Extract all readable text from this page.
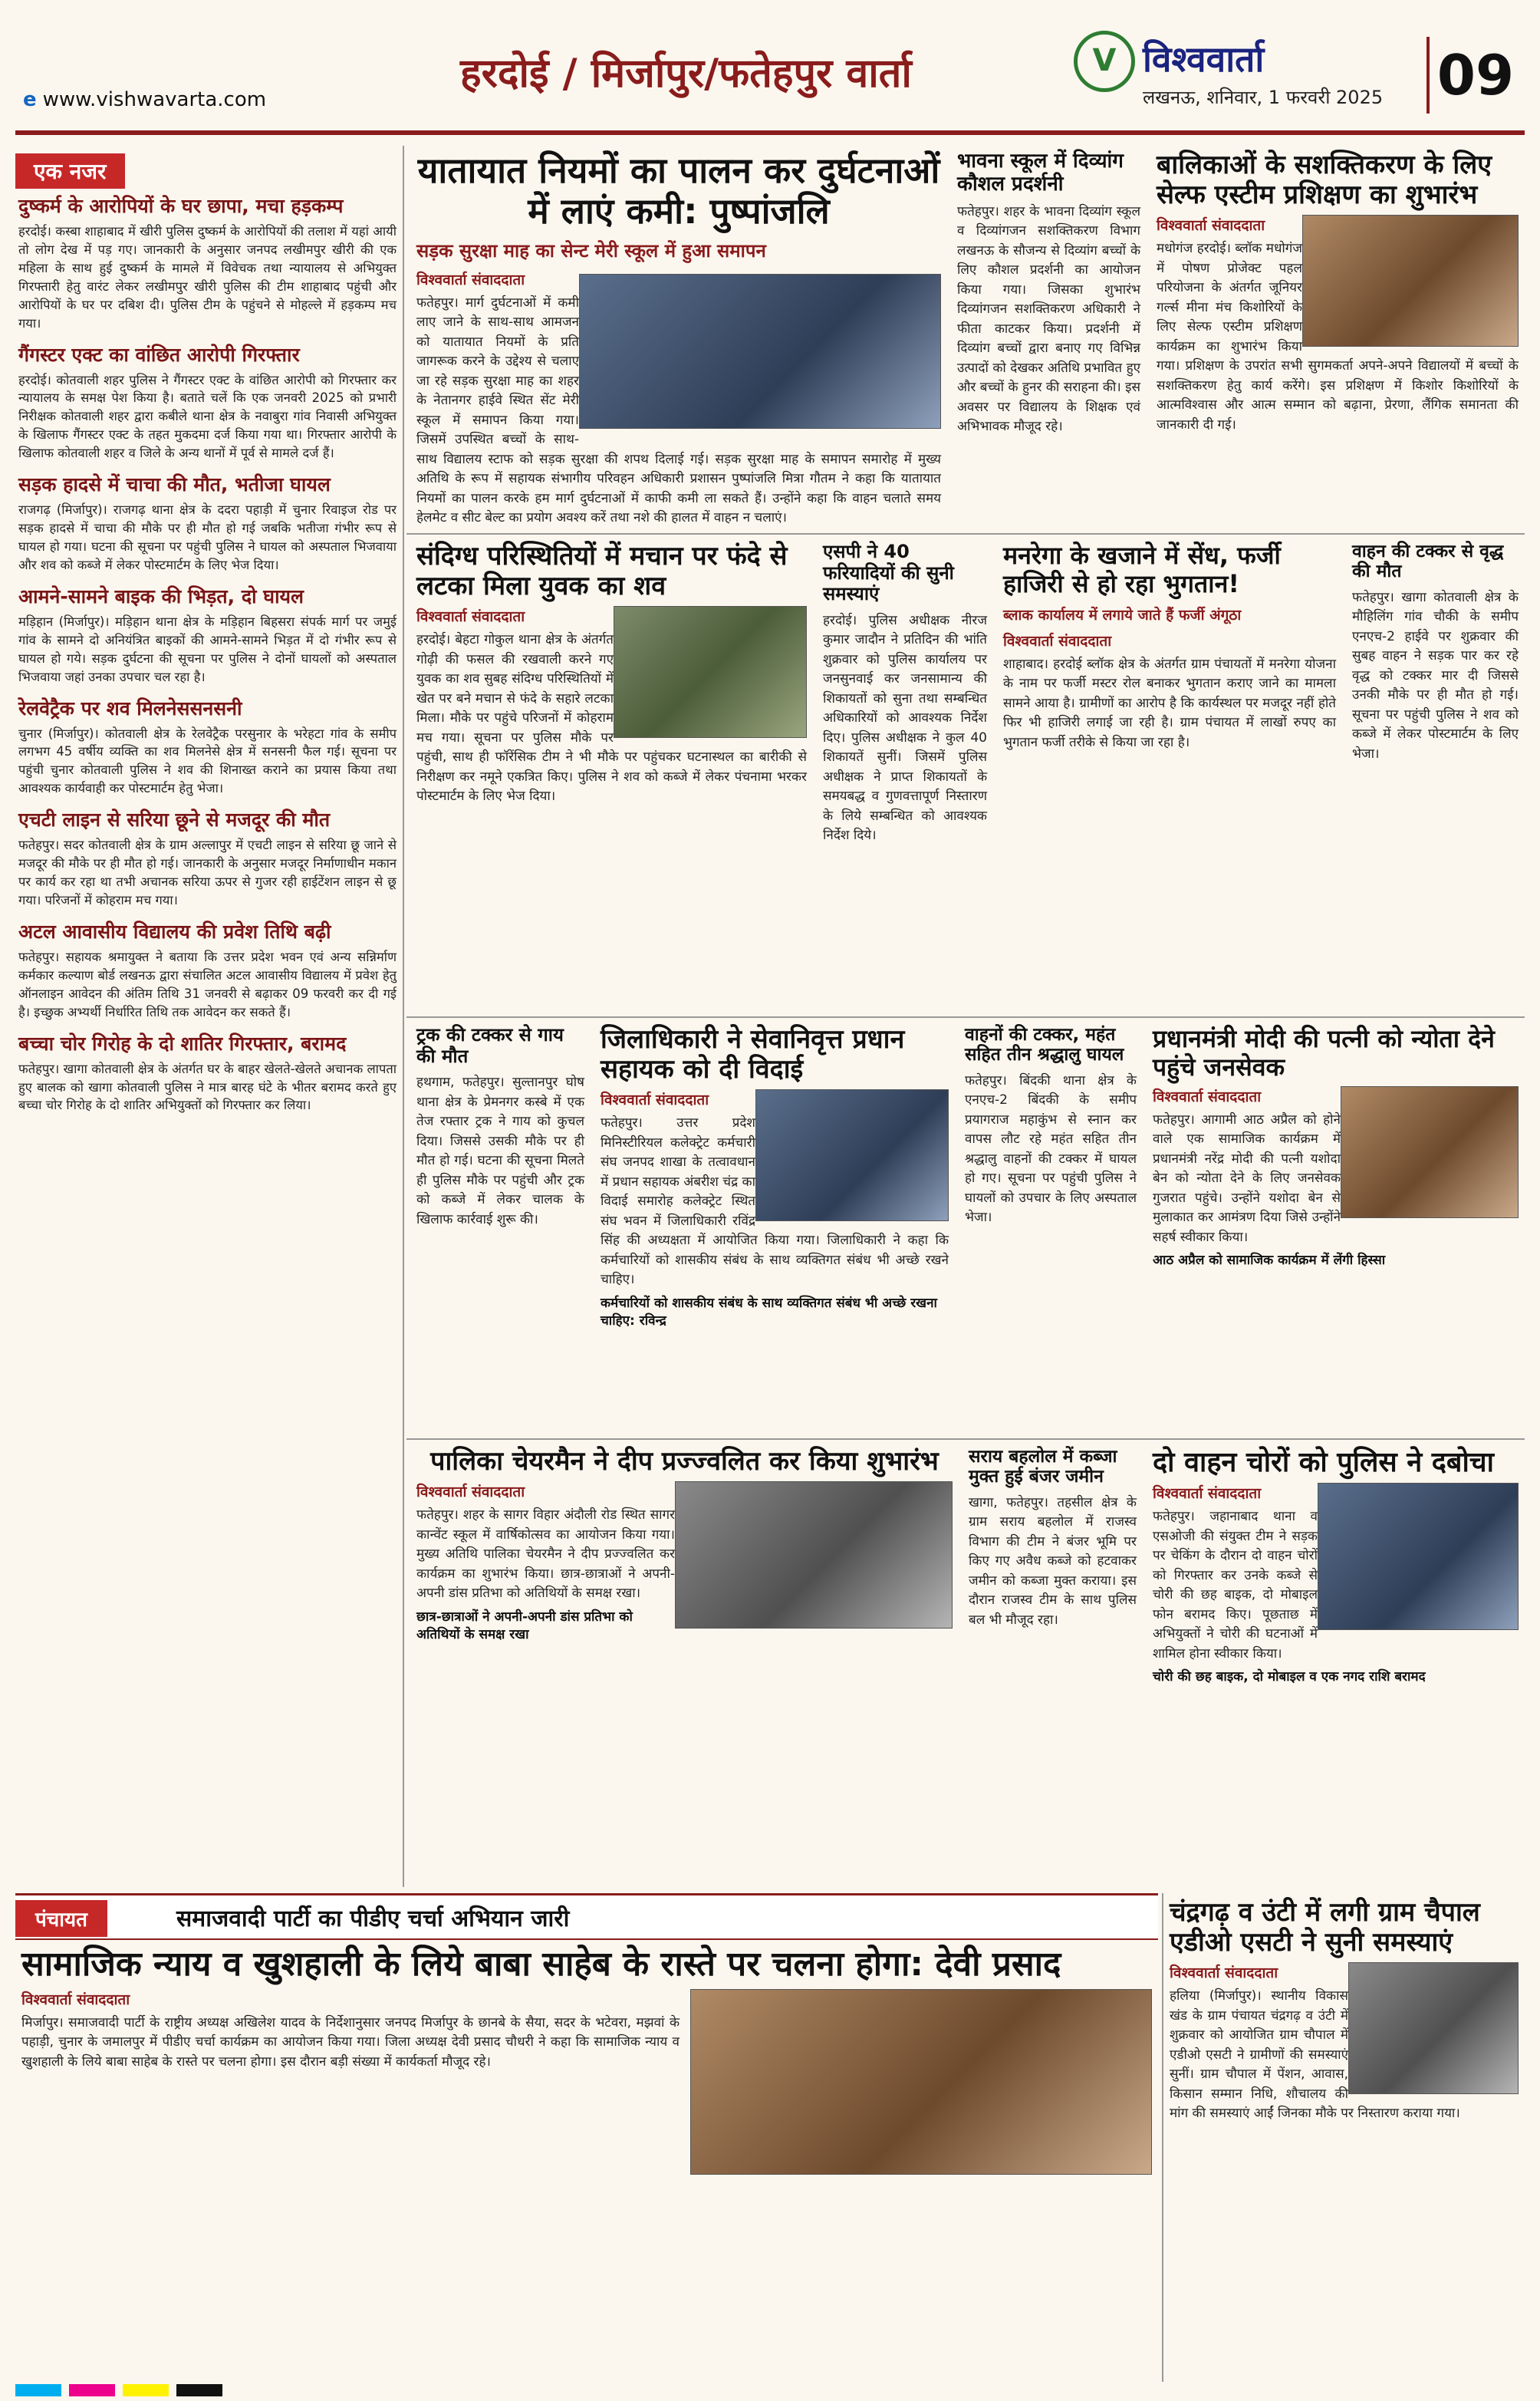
e www.vishwavarta.com
हरदोई / मिर्जापुर/फतेहपुर वार्ता	V विश्ववार्ता
लखनऊ, शनिवार, 1 फरवरी 2025 09
एक नजर
दुष्कर्म के आरोपियों के घर छापा, मचा हड़कम्प

हरदोई। कस्बा शाहाबाद में खीरी पुलिस दुष्कर्म के आरोपियों की तलाश में यहां आयी तो लोग देख में पड़ गए। जानकारी के अनुसार जनपद लखीमपुर खीरी की एक महिला के साथ हुई दुष्कर्म के मामले में विवेचक तथा न्यायालय से अभियुक्त गिरफ्तारी हेतु वारंट लेकर लखीमपुर खीरी पुलिस की टीम शाहाबाद पहुंची और आरोपियों के घर पर दबिश दी। पुलिस टीम के पहुंचने से मोहल्ले में हड़कम्प मच गया।

गैंगस्टर एक्ट का वांछित आरोपी गिरफ्तार

हरदोई। कोतवाली शहर पुलिस ने गैंगस्टर एक्ट के वांछित आरोपी को गिरफ्तार कर न्यायालय के समक्ष पेश किया है। बताते चलें कि एक जनवरी 2025 को प्रभारी निरीक्षक कोतवाली शहर द्वारा कबीले थाना क्षेत्र के नवाबुरा गांव निवासी अभियुक्त के खिलाफ गैंगस्टर एक्ट के तहत मुकदमा दर्ज किया गया था। गिरफ्तार आरोपी के खिलाफ कोतवाली शहर व जिले के अन्य थानों में पूर्व से मामले दर्ज हैं।

सड़क हादसे में चाचा की मौत, भतीजा घायल

राजगढ़ (मिर्जापुर)। राजगढ़ थाना क्षेत्र के ददरा पहाड़ी में चुनार रिवाइज रोड पर सड़क हादसे में चाचा की मौके पर ही मौत हो गई जबकि भतीजा गंभीर रूप से घायल हो गया। घटना की सूचना पर पहुंची पुलिस ने घायल को अस्पताल भिजवाया और शव को कब्जे में लेकर पोस्टमार्टम के लिए भेज दिया।

आमने-सामने बाइक की भिड़त, दो घायल

मड़िहान (मिर्जापुर)। मड़िहान थाना क्षेत्र के मड़िहान बिहसरा संपर्क मार्ग पर जमुई गांव के सामने दो अनियंत्रित बाइकों की आमने-सामने भिड़त में दो गंभीर रूप से घायल हो गये। सड़क दुर्घटना की सूचना पर पुलिस ने दोनों घायलों को अस्पताल भिजवाया जहां उनका उपचार चल रहा है।

रेलवेट्रैक पर शव मिलनेससनसनी

चुनार (मिर्जापुर)। कोतवाली क्षेत्र के रेलवेट्रैक परसुनार के भरेहटा गांव के समीप लगभग 45 वर्षीय व्यक्ति का शव मिलनेसे क्षेत्र में सनसनी फैल गई। सूचना पर पहुंची चुनार कोतवाली पुलिस ने शव की शिनाख्त कराने का प्रयास किया तथा आवश्यक कार्यवाही कर पोस्टमार्टम हेतु भेजा।

एचटी लाइन से सरिया छूने से मजदूर की मौत

फतेहपुर। सदर कोतवाली क्षेत्र के ग्राम अल्लापुर में एचटी लाइन से सरिया छू जाने से मजदूर की मौके पर ही मौत हो गई। जानकारी के अनुसार मजदूर निर्माणाधीन मकान पर कार्य कर रहा था तभी अचानक सरिया ऊपर से गुजर रही हाईटेंशन लाइन से छू गया। परिजनों में कोहराम मच गया।

अटल आवासीय विद्यालय की प्रवेश तिथि बढ़ी

फतेहपुर। सहायक श्रमायुक्त ने बताया कि उत्तर प्रदेश भवन एवं अन्य सन्निर्माण कर्मकार कल्याण बोर्ड लखनऊ द्वारा संचालित अटल आवासीय विद्यालय में प्रवेश हेतु ऑनलाइन आवेदन की अंतिम तिथि 31 जनवरी से बढ़ाकर 09 फरवरी कर दी गई है। इच्छुक अभ्यर्थी निर्धारित तिथि तक आवेदन कर सकते हैं।

बच्चा चोर गिरोह के दो शातिर गिरफ्तार, बरामद

फतेहपुर। खागा कोतवाली क्षेत्र के अंतर्गत घर के बाहर खेलते-खेलते अचानक लापता हुए बालक को खागा कोतवाली पुलिस ने मात्र बारह घंटे के भीतर बरामद करते हुए बच्चा चोर गिरोह के दो शातिर अभियुक्तों को गिरफ्तार कर लिया।

यातायात नियमों का पालन कर दुर्घटनाओं में लाएं कमी: पुष्पांजलि
सड़क सुरक्षा माह का सेन्ट मेरी स्कूल में हुआ समापन
विश्ववार्ता संवाददाता

फतेहपुर। मार्ग दुर्घटनाओं में कमी लाए जाने के साथ-साथ आमजन को यातायात नियमों के प्रति जागरूक करने के उद्देश्य से चलाए जा रहे सड़क सुरक्षा माह का शहर के नेतानगर हाईवे स्थित सेंट मेरी स्कूल में समापन किया गया। जिसमें उपस्थित बच्चों के साथ-साथ विद्यालय स्टाफ को सड़क सुरक्षा की शपथ दिलाई गई। सड़क सुरक्षा माह के समापन समारोह में मुख्य अतिथि के रूप में सहायक संभागीय परिवहन अधिकारी प्रशासन पुष्पांजलि मित्रा गौतम ने कहा कि यातायात नियमों का पालन करके हम मार्ग दुर्घटनाओं में काफी कमी ला सकते हैं। उन्होंने कहा कि वाहन चलाते समय हेलमेट व सीट बेल्ट का प्रयोग अवश्य करें तथा नशे की हालत में वाहन न चलाएं।

भावना स्कूल में दिव्यांग कौशल प्रदर्शनी

फतेहपुर। शहर के भावना दिव्यांग स्कूल व दिव्यांगजन सशक्तिकरण विभाग लखनऊ के सौजन्य से दिव्यांग बच्चों के लिए कौशल प्रदर्शनी का आयोजन किया गया। जिसका शुभारंभ दिव्यांगजन सशक्तिकरण अधिकारी ने फीता काटकर किया। प्रदर्शनी में दिव्यांग बच्चों द्वारा बनाए गए विभिन्न उत्पादों को देखकर अतिथि प्रभावित हुए और बच्चों के हुनर की सराहना की। इस अवसर पर विद्यालय के शिक्षक एवं अभिभावक मौजूद रहे।

बालिकाओं के सशक्तिकरण के लिए सेल्फ एस्टीम प्रशिक्षण का शुभारंभ
विश्ववार्ता संवाददाता

मधोगंज हरदोई। ब्लॉक मधोगंज में पोषण प्रोजेक्ट पहल परियोजना के अंतर्गत जूनियर गर्ल्स मीना मंच किशोरियों के लिए सेल्फ एस्टीम प्रशिक्षण कार्यक्रम का शुभारंभ किया गया। प्रशिक्षण के उपरांत सभी सुगमकर्ता अपने-अपने विद्यालयों में बच्चों के सशक्तिकरण हेतु कार्य करेंगे। इस प्रशिक्षण में किशोर किशोरियों के आत्मविश्वास और आत्म सम्मान को बढ़ाना, प्रेरणा, लैंगिक समानता की जानकारी दी गई।

संदिग्ध परिस्थितियों में मचान पर फंदे से लटका मिला युवक का शव
विश्ववार्ता संवाददाता

हरदोई। बेहटा गोकुल थाना क्षेत्र के अंतर्गत गोढ़ी की फसल की रखवाली करने गए युवक का शव सुबह संदिग्ध परिस्थितियों में खेत पर बने मचान से फंदे के सहारे लटका मिला। मौके पर पहुंचे परिजनों में कोहराम मच गया। सूचना पर पुलिस मौके पर पहुंची, साथ ही फॉरेंसिक टीम ने भी मौके पर पहुंचकर घटनास्थल का बारीकी से निरीक्षण कर नमूने एकत्रित किए। पुलिस ने शव को कब्जे में लेकर पंचनामा भरकर पोस्टमार्टम के लिए भेज दिया।

एसपी ने 40 फरियादियों की सुनी समस्याएं

हरदोई। पुलिस अधीक्षक नीरज कुमार जादौन ने प्रतिदिन की भांति शुक्रवार को पुलिस कार्यालय पर जनसुनवाई कर जनसामान्य की शिकायतों को सुना तथा सम्बन्धित अधिकारियों को आवश्यक निर्देश दिए। पुलिस अधीक्षक ने कुल 40 शिकायतें सुनीं। जिसमें पुलिस अधीक्षक ने प्राप्त शिकायतों के समयबद्ध व गुणवत्तापूर्ण निस्तारण के लिये सम्बन्धित को आवश्यक निर्देश दिये।

मनरेगा के खजाने में सेंध, फर्जी हाजिरी से हो रहा भुगतान!
ब्लाक कार्यालय में लगाये जाते हैं फर्जी अंगूठा
विश्ववार्ता संवाददाता

शाहाबाद। हरदोई ब्लॉक क्षेत्र के अंतर्गत ग्राम पंचायतों में मनरेगा योजना के नाम पर फर्जी मस्टर रोल बनाकर भुगतान कराए जाने का मामला सामने आया है। ग्रामीणों का आरोप है कि कार्यस्थल पर मजदूर नहीं होते फिर भी हाजिरी लगाई जा रही है। ग्राम पंचायत में लाखों रुपए का भुगतान फर्जी तरीके से किया जा रहा है।

वाहन की टक्कर से वृद्ध की मौत

फतेहपुर। खागा कोतवाली क्षेत्र के मौहिलिंग गांव चौकी के समीप एनएच-2 हाईवे पर शुक्रवार की सुबह वाहन ने सड़क पार कर रहे वृद्ध को टक्कर मार दी जिससे उनकी मौके पर ही मौत हो गई। सूचना पर पहुंची पुलिस ने शव को कब्जे में लेकर पोस्टमार्टम के लिए भेजा।

ट्रक की टक्कर से गाय की मौत

हथगाम, फतेहपुर। सुल्तानपुर घोष थाना क्षेत्र के प्रेमनगर कस्बे में एक तेज रफ्तार ट्रक ने गाय को कुचल दिया। जिससे उसकी मौके पर ही मौत हो गई। घटना की सूचना मिलते ही पुलिस मौके पर पहुंची और ट्रक को कब्जे में लेकर चालक के खिलाफ कार्रवाई शुरू की।

जिलाधिकारी ने सेवानिवृत्त प्रधान सहायक को दी विदाई
विश्ववार्ता संवाददाता

फतेहपुर। उत्तर प्रदेश मिनिस्टीरियल कलेक्ट्रेट कर्मचारी संघ जनपद शाखा के तत्वावधान में प्रधान सहायक अंबरीश चंद्र का विदाई समारोह कलेक्ट्रेट स्थित संघ भवन में जिलाधिकारी रविंद्र सिंह की अध्यक्षता में आयोजित किया गया। जिलाधिकारी ने कहा कि कर्मचारियों को शासकीय संबंध के साथ व्यक्तिगत संबंध भी अच्छे रखने चाहिए।

कर्मचारियों को शासकीय संबंध के साथ व्यक्तिगत संबंध भी अच्छे रखना चाहिए: रविन्द्र
वाहनों की टक्कर, महंत सहित तीन श्रद्धालु घायल

फतेहपुर। बिंदकी थाना क्षेत्र के एनएच-2 बिंदकी के समीप प्रयागराज महाकुंभ से स्नान कर वापस लौट रहे महंत सहित तीन श्रद्धालु वाहनों की टक्कर में घायल हो गए। सूचना पर पहुंची पुलिस ने घायलों को उपचार के लिए अस्पताल भेजा।

प्रधानमंत्री मोदी की पत्नी को न्योता देने पहुंचे जनसेवक
विश्ववार्ता संवाददाता

फतेहपुर। आगामी आठ अप्रैल को होने वाले एक सामाजिक कार्यक्रम में प्रधानमंत्री नरेंद्र मोदी की पत्नी यशोदा बेन को न्योता देने के लिए जनसेवक गुजरात पहुंचे। उन्होंने यशोदा बेन से मुलाकात कर आमंत्रण दिया जिसे उन्होंने सहर्ष स्वीकार किया।

आठ अप्रैल को सामाजिक कार्यक्रम में लेंगी हिस्सा
पालिका चेयरमैन ने दीप प्रज्ज्वलित कर किया शुभारंभ
विश्ववार्ता संवाददाता

फतेहपुर। शहर के सागर विहार अंदौली रोड स्थित सागर कान्वेंट स्कूल में वार्षिकोत्सव का आयोजन किया गया। मुख्य अतिथि पालिका चेयरमैन ने दीप प्रज्ज्वलित कर कार्यक्रम का शुभारंभ किया। छात्र-छात्राओं ने अपनी-अपनी डांस प्रतिभा को अतिथियों के समक्ष रखा।

छात्र-छात्राओं ने अपनी-अपनी डांस प्रतिभा को अतिथियों के समक्ष रखा
सराय बहलोल में कब्जा मुक्त हुई बंजर जमीन

खागा, फतेहपुर। तहसील क्षेत्र के ग्राम सराय बहलोल में राजस्व विभाग की टीम ने बंजर भूमि पर किए गए अवैध कब्जे को हटवाकर जमीन को कब्जा मुक्त कराया। इस दौरान राजस्व टीम के साथ पुलिस बल भी मौजूद रहा।

दो वाहन चोरों को पुलिस ने दबोचा
विश्ववार्ता संवाददाता

फतेहपुर। जहानाबाद थाना व एसओजी की संयुक्त टीम ने सड़क पर चेकिंग के दौरान दो वाहन चोरों को गिरफ्तार कर उनके कब्जे से चोरी की छह बाइक, दो मोबाइल फोन बरामद किए। पूछताछ में अभियुक्तों ने चोरी की घटनाओं में शामिल होना स्वीकार किया।

चोरी की छह बाइक, दो मोबाइल व एक नगद राशि बरामद
पंचायत	समाजवादी पार्टी का पीडीए चर्चा अभियान जारी
सामाजिक न्याय व खुशहाली के लिये बाबा साहेब के रास्ते पर चलना होगा: देवी प्रसाद
विश्ववार्ता संवाददाता

मिर्जापुर। समाजवादी पार्टी के राष्ट्रीय अध्यक्ष अखिलेश यादव के निर्देशानुसार जनपद मिर्जापुर के छानबे के सैया, सदर के भटेवरा, मझवां के पहाड़ी, चुनार के जमालपुर में पीडीए चर्चा कार्यक्रम का आयोजन किया गया। जिला अध्यक्ष देवी प्रसाद चौधरी ने कहा कि सामाजिक न्याय व खुशहाली के लिये बाबा साहेब के रास्ते पर चलना होगा। इस दौरान बड़ी संख्या में कार्यकर्ता मौजूद रहे।

चंद्रगढ़ व उंटी में लगी ग्राम चैपाल एडीओ एसटी ने सुनी समस्याएं
विश्ववार्ता संवाददाता

हलिया (मिर्जापुर)। स्थानीय विकास खंड के ग्राम पंचायत चंद्रगढ़ व उंटी में शुक्रवार को आयोजित ग्राम चौपाल में एडीओ एसटी ने ग्रामीणों की समस्याएं सुनीं। ग्राम चौपाल में पेंशन, आवास, किसान सम्मान निधि, शौचालय की मांग की समस्याएं आईं जिनका मौके पर निस्तारण कराया गया।
